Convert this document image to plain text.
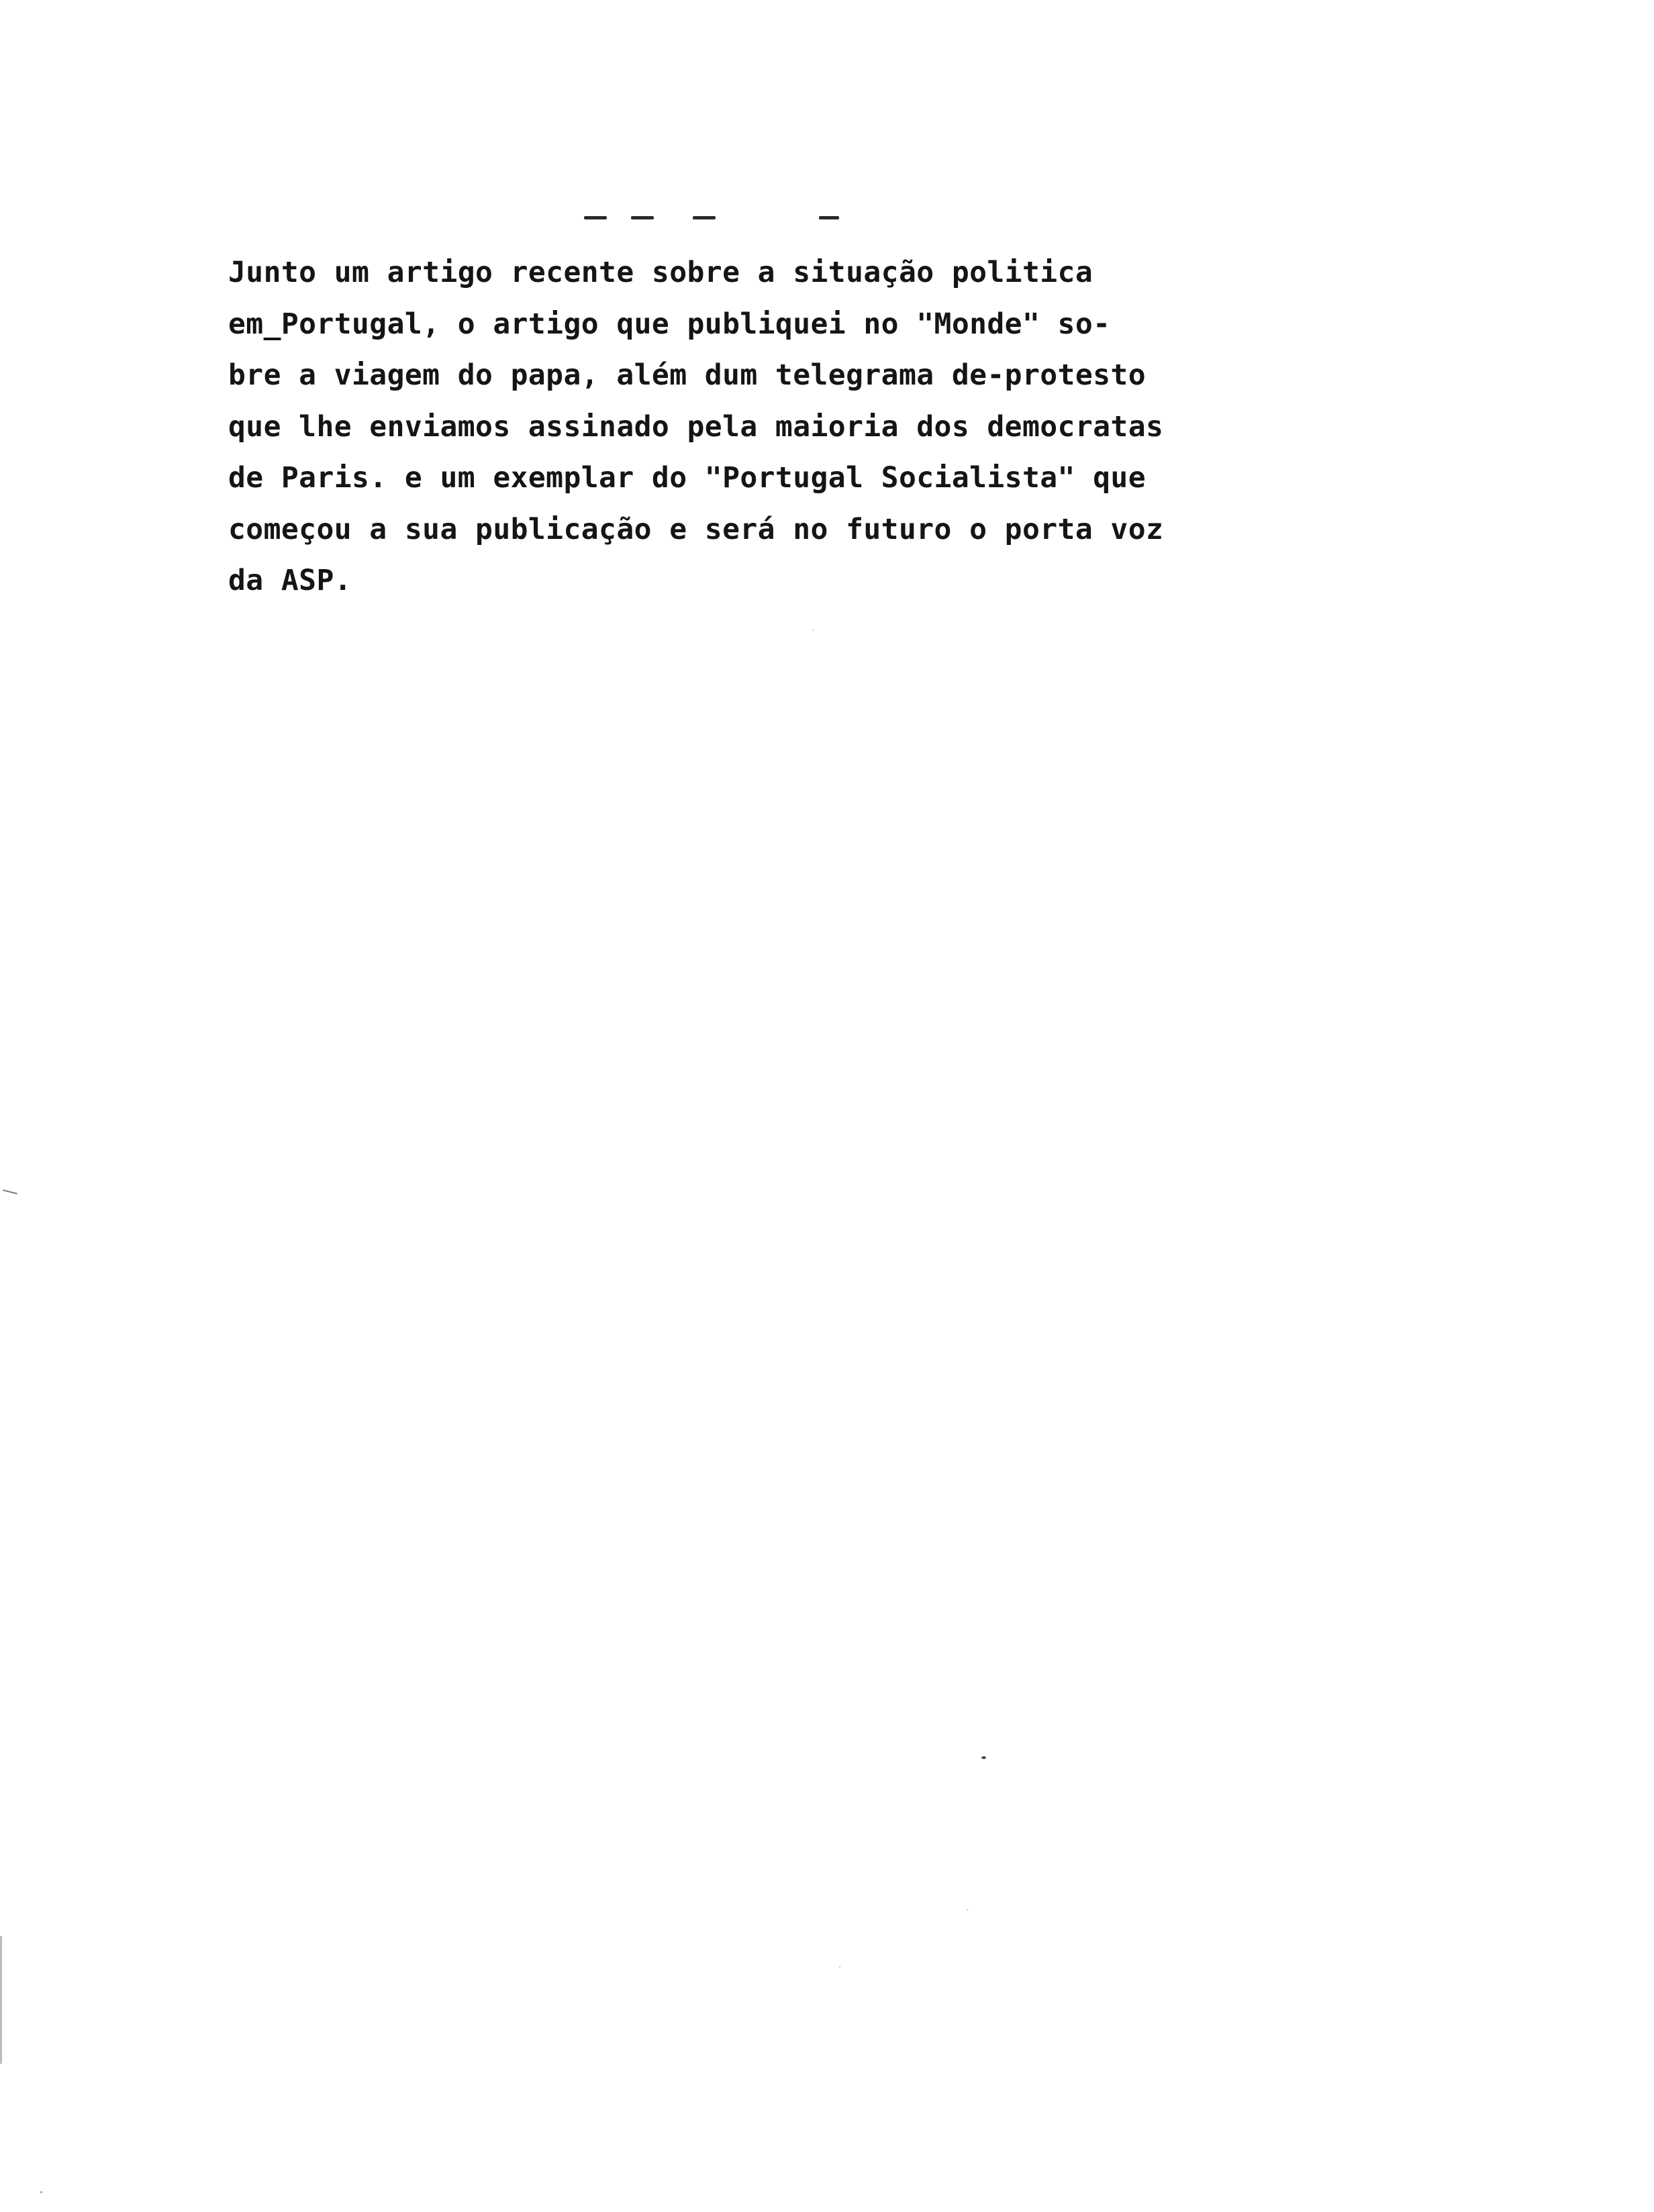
Junto um artigo recente sobre a situação politica
em_Portugal, o artigo que publiquei no "Monde" so-
bre a viagem do papa, além dum telegrama de-protesto
que lhe enviamos assinado pela maioria dos democratas
de Paris. e um exemplar do "Portugal Socialista" que
começou a sua publicação e será no futuro o porta voz
da ASP.
